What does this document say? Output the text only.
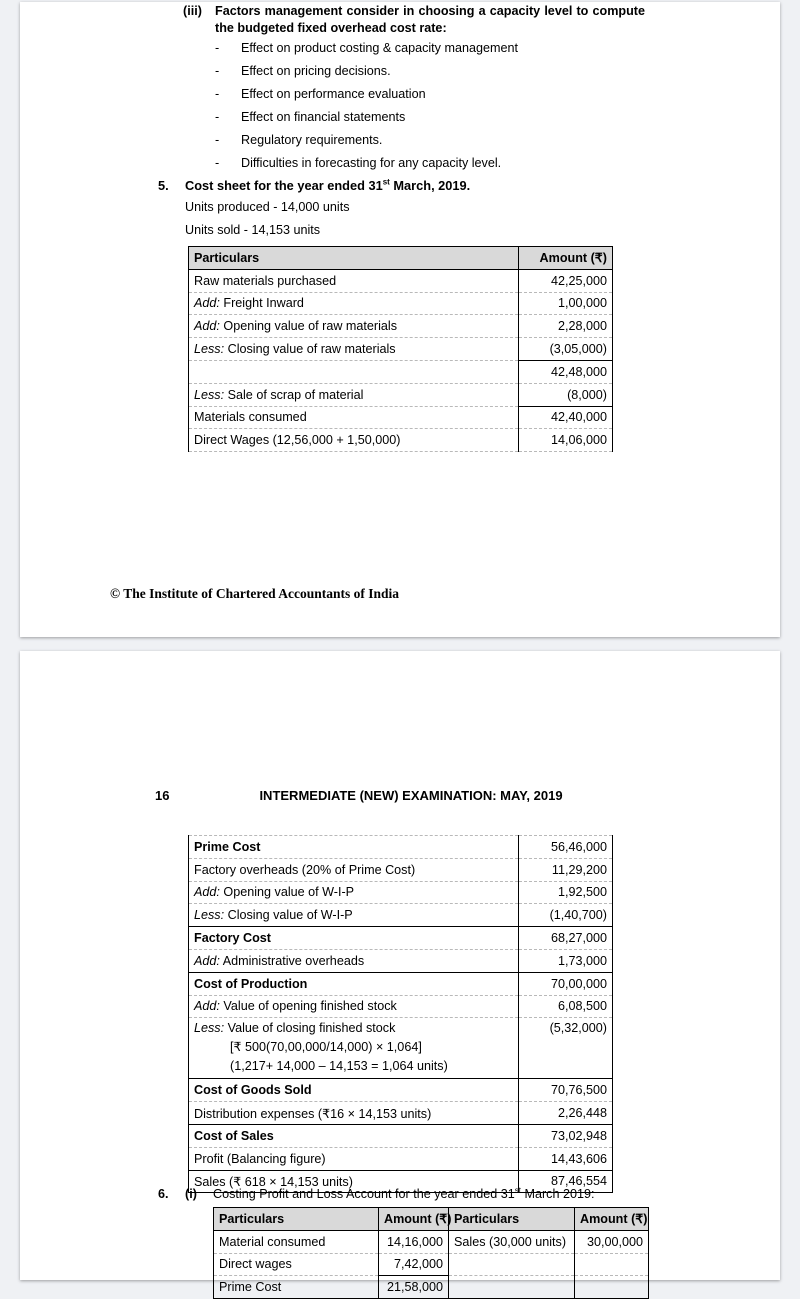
(iii)	Factors management consider in choosing a capacity level to compute the budgeted fixed overhead cost rate:
-	Effect on product costing & capacity management
-	Effect on pricing decisions.
-	Effect on performance evaluation
-	Effect on financial statements
-	Regulatory requirements.
-	Difficulties in forecasting for any capacity level.
5.	Cost sheet for the year ended 31st March, 2019.
Units produced - 14,000 units
Units sold - 14,153 units
Particulars	Amount (₹)
Raw materials purchased	42,25,000
Add: Freight Inward	1,00,000
Add: Opening value of raw materials	2,28,000
Less: Closing value of raw materials	(3,05,000)
	42,48,000
Less: Sale of scrap of material	(8,000)
Materials consumed	42,40,000
Direct Wages (12,56,000 + 1,50,000)	14,06,000
© The Institute of Chartered Accountants of India
16	INTERMEDIATE (NEW) EXAMINATION: MAY, 2019
Prime Cost	56,46,000
Factory overheads (20% of Prime Cost)	11,29,200
Add: Opening value of W-I-P	1,92,500
Less: Closing value of W-I-P	(1,40,700)
Factory Cost	68,27,000
Add: Administrative overheads	1,73,000
Cost of Production	70,00,000
Add: Value of opening finished stock	6,08,500

Less: Value of closing finished stock
[₹ 500(70,00,000/14,000) × 1,064]
(1,217+ 14,000 – 14,153 = 1,064 units)	(5,32,000)
Cost of Goods Sold	70,76,500
Distribution expenses (₹16 × 14,153 units)	2,26,448
Cost of Sales	73,02,948
Profit (Balancing figure)	14,43,606
Sales (₹ 618 × 14,153 units)	87,46,554
6.	(i)	Costing Profit and Loss Account for the year ended 31st March 2019:
Particulars	Amount (₹)	Particulars	Amount (₹)
Material consumed	14,16,000	Sales (30,000 units)	30,00,000
Direct wages	7,42,000		
Prime Cost	21,58,000		
